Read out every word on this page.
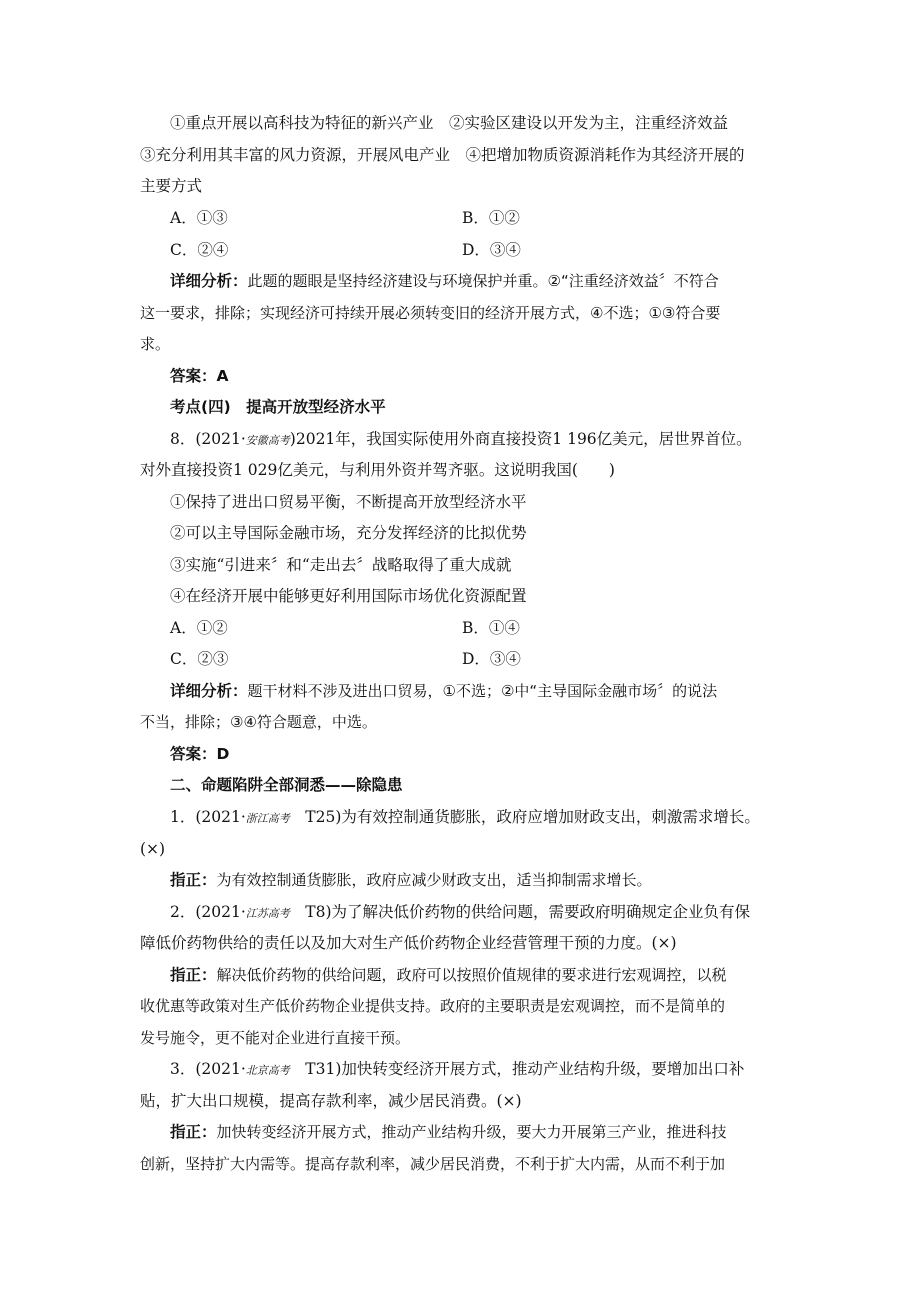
①重点开展以高科技为特征的新兴产业　②实验区建设以开发为主，注重经济效益
③充分利用其丰富的风力资源，开展风电产业　④把增加物质资源消耗作为其经济开展的
主要方式
A．①③	B．①②
C．②④	D．③④
详细分析：此题的题眼是坚持经济建设与环境保护并重。②“注重经济效益〞不符合
这一要求，排除；实现经济可持续开展必须转变旧的经济开展方式，④不选；①③符合要
求。
答案：A
考点(四)　提高开放型经济水平
8．(2021·安徽高考)2021年，我国实际使用外商直接投资1 196亿美元，居世界首位。
对外直接投资1 029亿美元，与利用外资并驾齐驱。这说明我国(　　)
①保持了进出口贸易平衡，不断提高开放型经济水平
②可以主导国际金融市场，充分发挥经济的比拟优势
③实施“引进来〞和“走出去〞战略取得了重大成就
④在经济开展中能够更好利用国际市场优化资源配置
A．①②	B．①④
C．②③	D．③④
详细分析：题干材料不涉及进出口贸易，①不选；②中“主导国际金融市场〞的说法
不当，排除；③④符合题意，中选。
答案：D
二、命题陷阱全部洞悉——除隐患
1．(2021·浙江高考　T25)为有效控制通货膨胀，政府应增加财政支出，刺激需求增长。
(×)
指正：为有效控制通货膨胀，政府应减少财政支出，适当抑制需求增长。
2．(2021·江苏高考　T8)为了解决低价药物的供给问题，需要政府明确规定企业负有保
障低价药物供给的责任以及加大对生产低价药物企业经营管理干预的力度。(×)
指正：解决低价药物的供给问题，政府可以按照价值规律的要求进行宏观调控，以税
收优惠等政策对生产低价药物企业提供支持。政府的主要职责是宏观调控，而不是简单的
发号施令，更不能对企业进行直接干预。
3．(2021·北京高考　T31)加快转变经济开展方式，推动产业结构升级，要增加出口补
贴，扩大出口规模，提高存款利率，减少居民消费。(×)
指正：加快转变经济开展方式，推动产业结构升级，要大力开展第三产业，推进科技
创新，坚持扩大内需等。提高存款利率，减少居民消费，不利于扩大内需，从而不利于加
